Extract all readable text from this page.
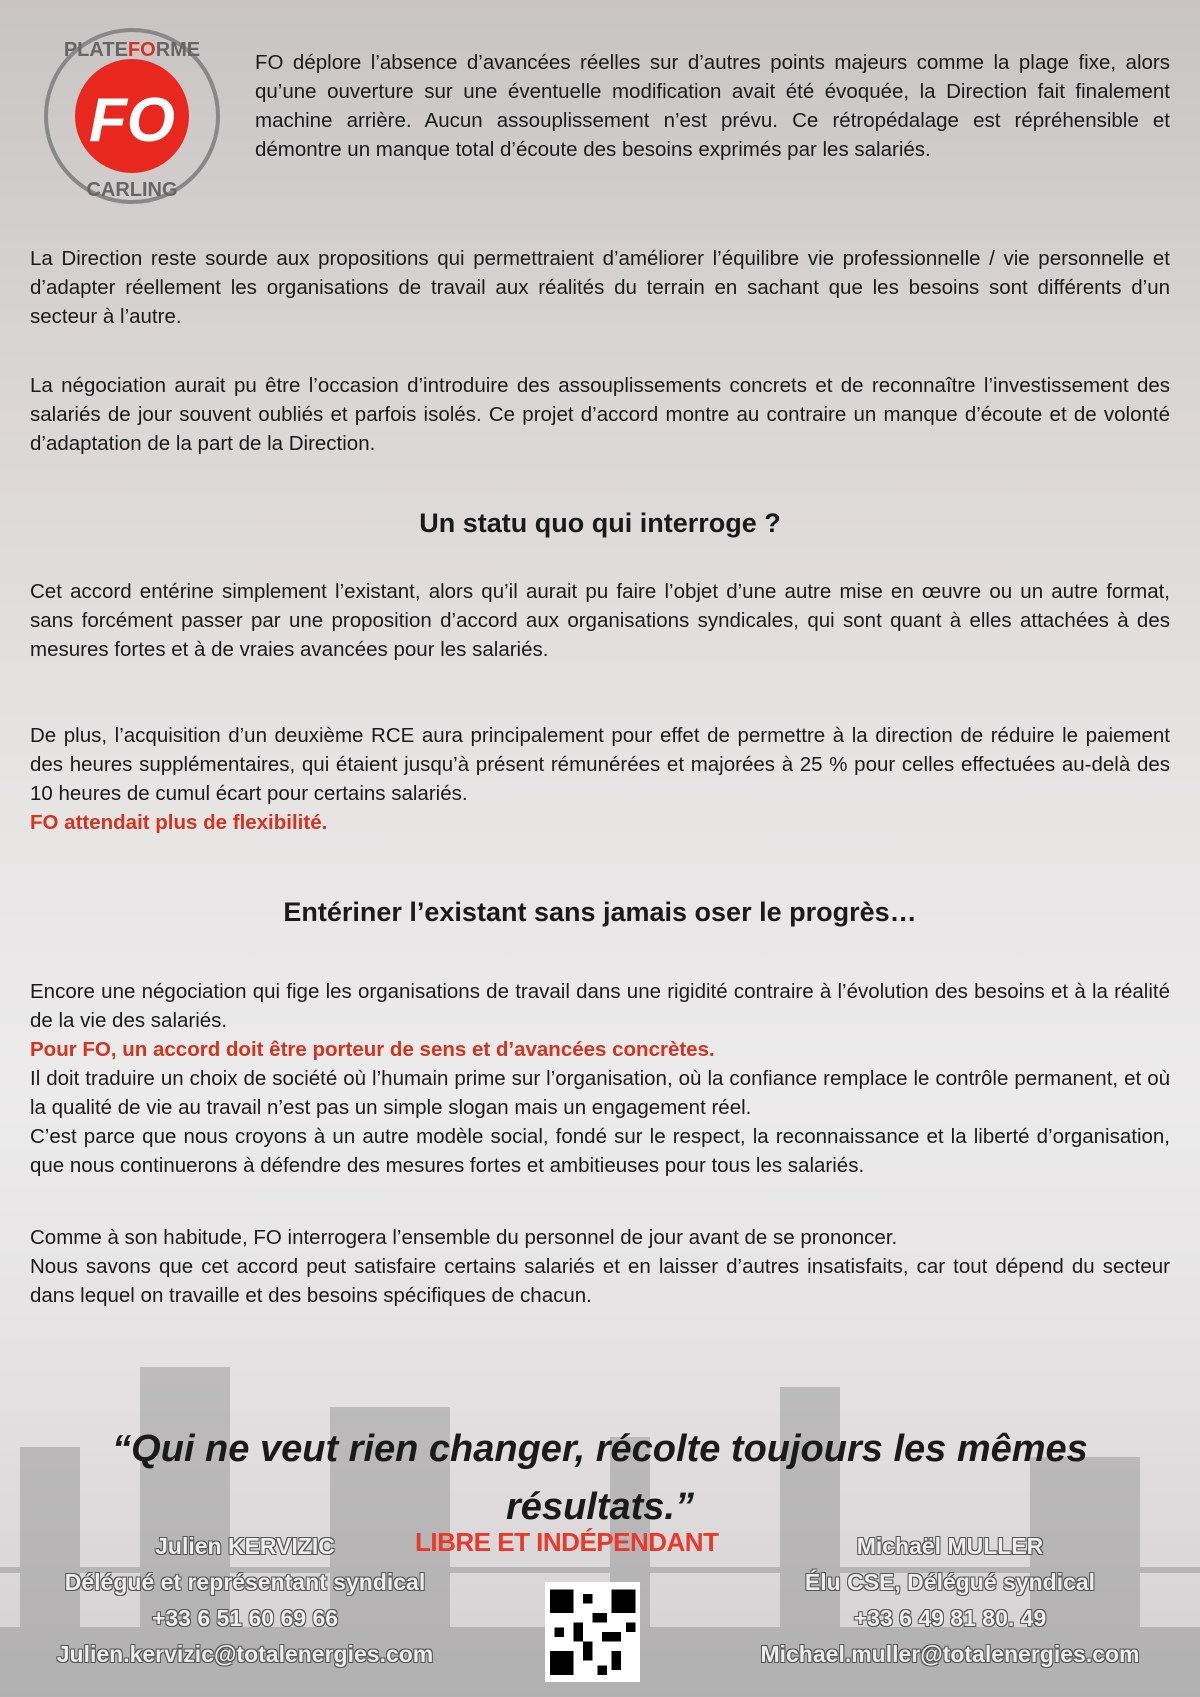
FO
PLATEFORME
CARLING
FO déplore l’absence d’avancées réelles sur d’autres points majeurs comme la plage fixe, alors qu’une ouverture sur une éventuelle modification avait été évoquée, la Direction fait finalement machine arrière. Aucun assouplissement n’est prévu. Ce rétropédalage est répréhensible et démontre un manque total d’écoute des besoins exprimés par les salariés.
La Direction reste sourde aux propositions qui permettraient d’améliorer l’équilibre vie professionnelle / vie personnelle et d’adapter réellement les organisations de travail aux réalités du terrain en sachant que les besoins sont différents d’un secteur à l’autre.
La négociation aurait pu être l’occasion d’introduire des assouplissements concrets et de reconnaître l’investissement des salariés de jour souvent oubliés et parfois isolés. Ce projet d’accord montre au contraire un manque d’écoute et de volonté d’adaptation de la part de la Direction.
Un statu quo qui interroge ?
Cet accord entérine simplement l’existant, alors qu’il aurait pu faire l’objet d’une autre mise en œuvre ou un autre format, sans forcément passer par une proposition d’accord aux organisations syndicales, qui sont quant à elles attachées à des mesures fortes et à de vraies avancées pour les salariés.
De plus, l’acquisition d’un deuxième RCE aura principalement pour effet de permettre à la direction de réduire le paiement des heures supplémentaires, qui étaient jusqu’à présent rémunérées et majorées à 25 % pour celles effectuées au-delà des 10 heures de cumul écart pour certains salariés.
FO attendait plus de flexibilité.
Entériner l’existant sans jamais oser le progrès…
Encore une négociation qui fige les organisations de travail dans une rigidité contraire à l’évolution des besoins et à la réalité de la vie des salariés.
Pour FO, un accord doit être porteur de sens et d’avancées concrètes.
Il doit traduire un choix de société où l’humain prime sur l’organisation, où la confiance remplace le contrôle permanent, et où la qualité de vie au travail n’est pas un simple slogan mais un engagement réel.
C’est parce que nous croyons à un autre modèle social, fondé sur le respect, la reconnaissance et la liberté d’organisation, que nous continuerons à défendre des mesures fortes et ambitieuses pour tous les salariés.
Comme à son habitude, FO interrogera l’ensemble du personnel de jour avant de se prononcer.
Nous savons que cet accord peut satisfaire certains salariés et en laisser d’autres insatisfaits, car tout dépend du secteur dans lequel on travaille et des besoins spécifiques de chacun.
“Qui ne veut rien changer, récolte toujours les mêmes résultats.”
Julien KERVIZIC
Délégué et représentant syndical
+33 6 51 60 69 66
Julien.kervizic@totalenergies.com
LIBRE ET INDÉPENDANT	Michaël MULLER
Élu CSE, Délégué syndical
+33 6 49 81 80. 49
Michael.muller@totalenergies.com
